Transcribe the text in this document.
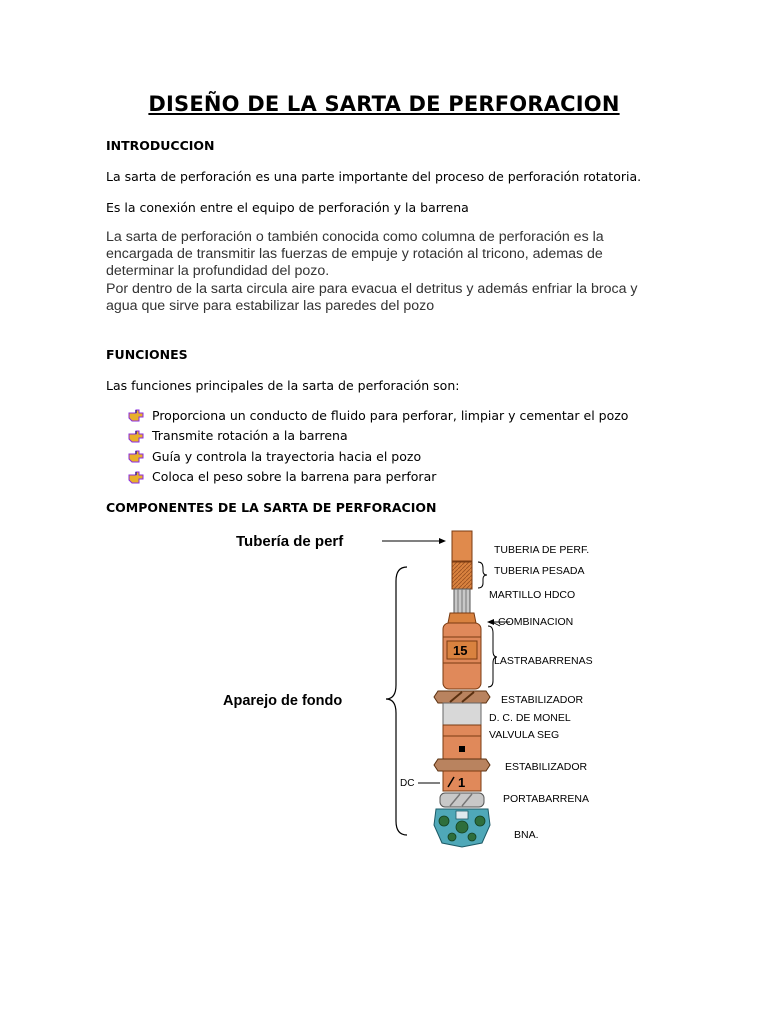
DISEÑO DE LA SARTA DE PERFORACION
INTRODUCCION
La sarta de perforación es una parte importante del proceso de perforación rotatoria.
Es la conexión entre el equipo de perforación y la barrena
La sarta de perforación o también conocida como columna de perforación es la
encargada de transmitir las fuerzas de empuje y rotación al tricono, ademas de
determinar la profundidad del pozo.
Por dentro de la sarta circula aire para evacua el detritus y además enfriar la broca y
agua que sirve para estabilizar las paredes del pozo
FUNCIONES
Las funciones principales de la sarta de perforación son:
Proporciona un conducto de fluido para perforar, limpiar y cementar el pozo
Transmite rotación a la barrena
Guía y controla la trayectoria hacia el pozo
Coloca el peso sobre la barrena para perforar
COMPONENTES DE LA SARTA DE PERFORACION
Tubería de perf
Aparejo de fondo
DC
15
1
TUBERIA DE PERF.
TUBERIA PESADA
MARTILLO HDCO
COMBINACION
LASTRABARRENAS
ESTABILIZADOR
D. C. DE MONEL
VALVULA SEG
ESTABILIZADOR
PORTABARRENA
BNA.
